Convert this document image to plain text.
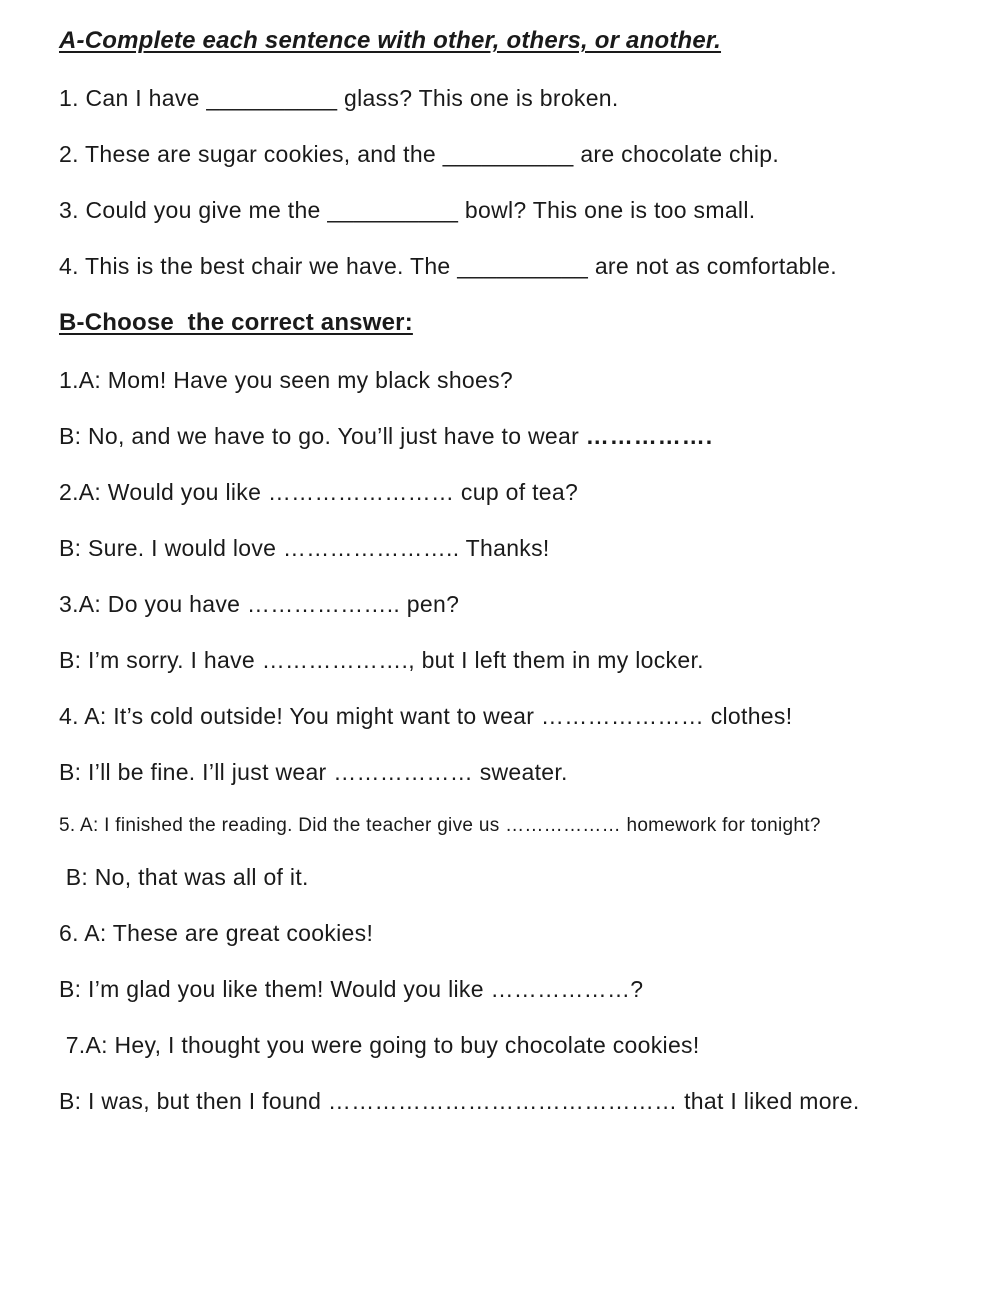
A-Complete each sentence with other, others, or another.

1. Can I have __________ glass? This one is broken.

2. These are sugar cookies, and the __________ are chocolate chip.

3. Could you give me the __________ bowl? This one is too small.

4. This is the best chair we have. The __________ are not as comfortable.

B-Choose  the correct answer:

1.A: Mom! Have you seen my black shoes?

B: No, and we have to go. You’ll just have to wear …………….

2.A: Would you like …………………… cup of tea?

B: Sure. I would love ………………….. Thanks!

3.A: Do you have ……………….. pen?

B: I’m sorry. I have ………………., but I left them in my locker.

4. A: It’s cold outside! You might want to wear ………………… clothes!

B: I’ll be fine. I’ll just wear ……………… sweater.

5. A: I finished the reading. Did the teacher give us ……………… homework for tonight?

B: No, that was all of it.

6. A: These are great cookies!

B: I’m glad you like them! Would you like ………………?

7.A: Hey, I thought you were going to buy chocolate cookies!

B: I was, but then I found ……………………………………… that I liked more.
